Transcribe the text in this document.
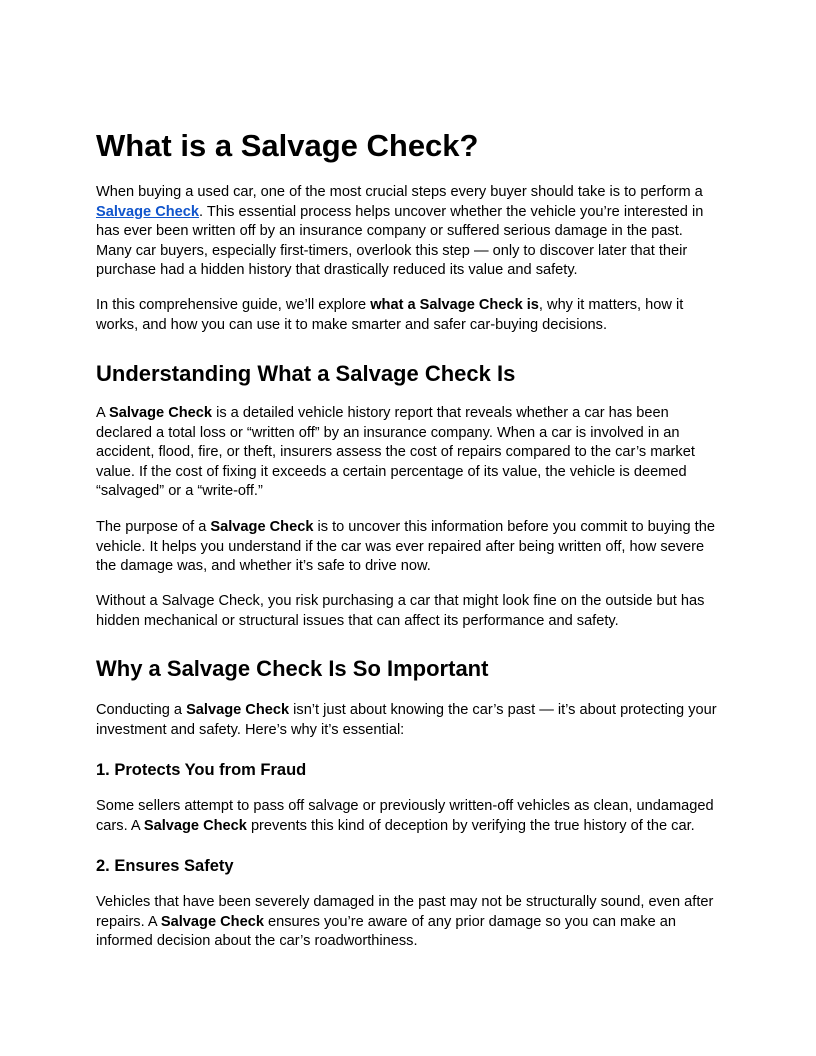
What is a Salvage Check?

When buying a used car, one of the most crucial steps every buyer should take is to perform a
Salvage Check. This essential process helps uncover whether the vehicle you’re interested in
has ever been written off by an insurance company or suffered serious damage in the past.
Many car buyers, especially first-timers, overlook this step — only to discover later that their
purchase had a hidden history that drastically reduced its value and safety.

In this comprehensive guide, we’ll explore what a Salvage Check is, why it matters, how it
works, and how you can use it to make smarter and safer car-buying decisions.

Understanding What a Salvage Check Is

A Salvage Check is a detailed vehicle history report that reveals whether a car has been
declared a total loss or “written off” by an insurance company. When a car is involved in an
accident, flood, fire, or theft, insurers assess the cost of repairs compared to the car’s market
value. If the cost of fixing it exceeds a certain percentage of its value, the vehicle is deemed
“salvaged” or a “write-off.”

The purpose of a Salvage Check is to uncover this information before you commit to buying the
vehicle. It helps you understand if the car was ever repaired after being written off, how severe
the damage was, and whether it’s safe to drive now.

Without a Salvage Check, you risk purchasing a car that might look fine on the outside but has
hidden mechanical or structural issues that can affect its performance and safety.

Why a Salvage Check Is So Important

Conducting a Salvage Check isn’t just about knowing the car’s past — it’s about protecting your
investment and safety. Here’s why it’s essential:

1. Protects You from Fraud

Some sellers attempt to pass off salvage or previously written-off vehicles as clean, undamaged
cars. A Salvage Check prevents this kind of deception by verifying the true history of the car.

2. Ensures Safety

Vehicles that have been severely damaged in the past may not be structurally sound, even after
repairs. A Salvage Check ensures you’re aware of any prior damage so you can make an
informed decision about the car’s roadworthiness.
